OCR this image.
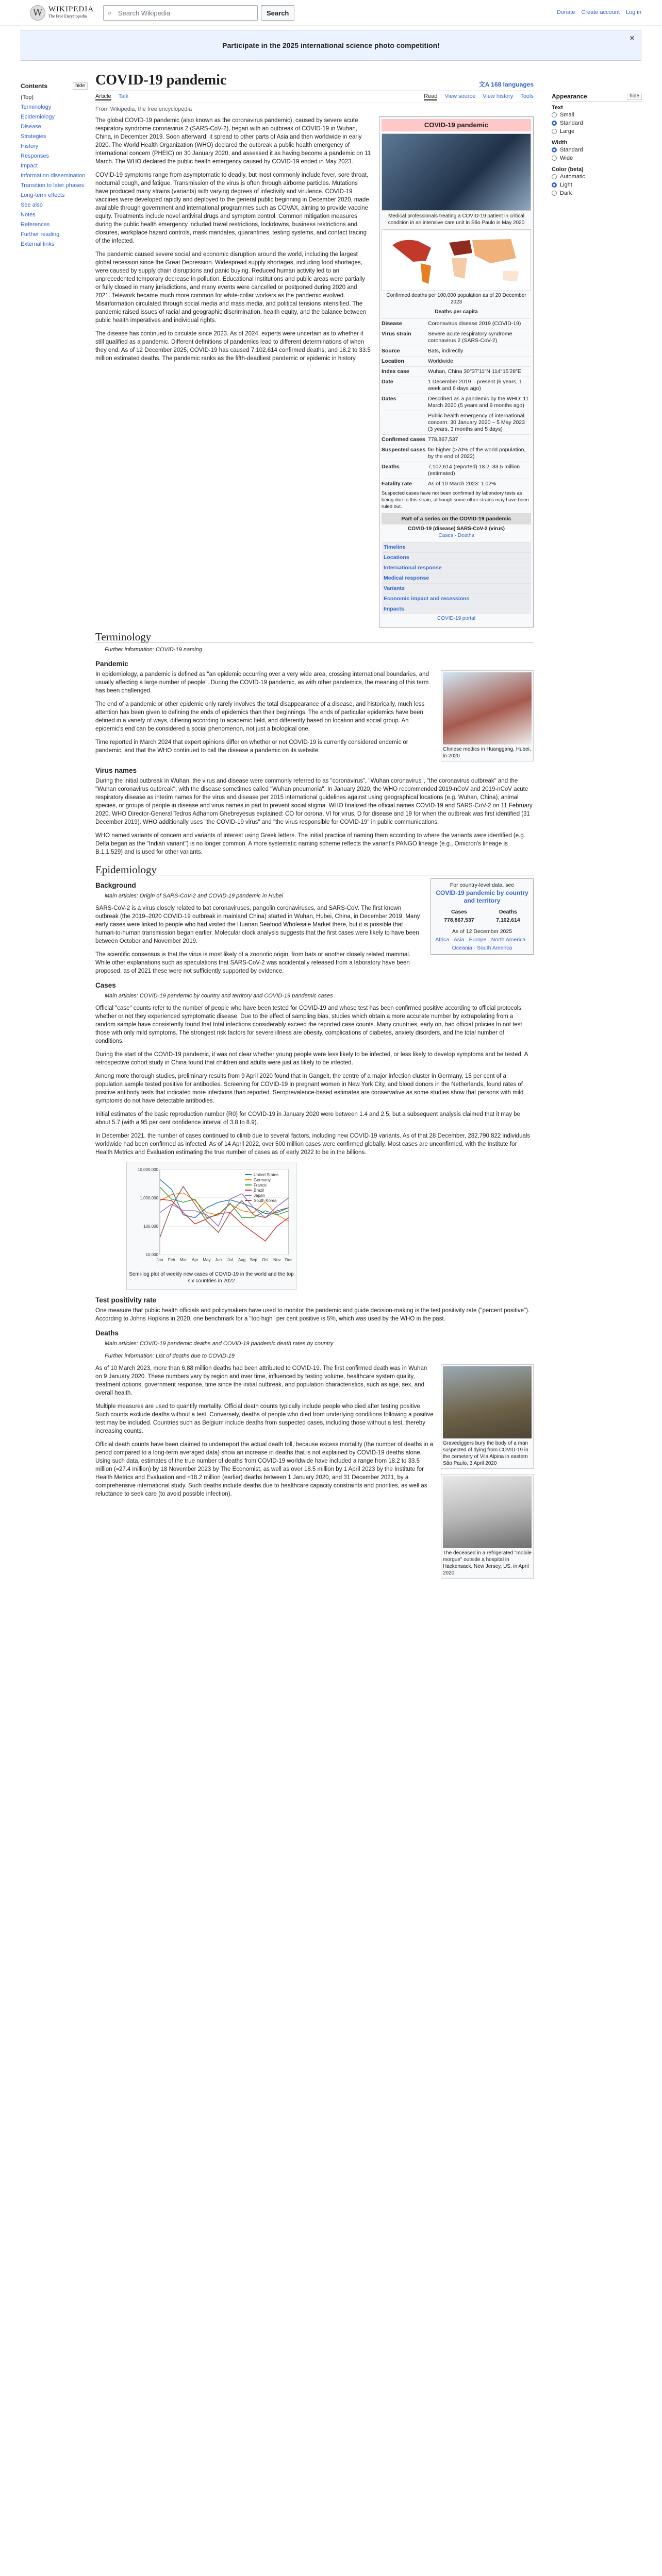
W WIKIPEDIA
The Free Encyclopedia	⌕ Search Wikipedia	Search	Donate Create account Log in
Participate in the 2025 international science photo competition!
✕
Contents	hide
(Top)
Terminology
Epidemiology
Disease
Strategies
History
Responses
Impact
Information dissemination
Transition to later phases
Long-term effects
See also
Notes
References
Further reading
External links
COVID-19 pandemic	文A 168 languages
Article Talk	Read View source View history Tools
From Wikipedia, the free encyclopedia
COVID-19 pandemic
Medical professionals treating a COVID-19 patient in critical condition in an intensive care unit in São Paulo in May 2020
Confirmed deaths per 100,000 population as of 20 December 2023
Deaths per capita
Disease	Coronavirus disease 2019 (COVID-19)
Virus strain	Severe acute respiratory syndrome coronavirus 2 (SARS-CoV-2)
Source	Bats, indirectly
Location	Worldwide
Index case	Wuhan, China 30°37′11″N 114°15′28″E
Date	1 December 2019 – present (6 years, 1 week and 6 days ago)
Dates	Described as a pandemic by the WHO: 11 March 2020 (5 years and 9 months ago)
Public health emergency of international concern: 30 January 2020 – 5 May 2023 (3 years, 3 months and 5 days)
Confirmed cases 778,867,537
Suspected cases far higher (>70% of the world population, by the end of 2022)
Deaths	7,102,614 (reported) 18.2–33.5 million (estimated)
Fatality rate	As of 10 March 2023: 1.02%
Suspected cases have not been confirmed by laboratory tests as being due to this strain, although some other strains may have been ruled out.
Part of a series on the COVID-19 pandemic
COVID-19 (disease) SARS-CoV-2 (virus)
Cases · Deaths
Timeline
Locations
International response
Medical response
Variants
Economic impact and recessions
Impacts
COVID-19 portal

The global COVID-19 pandemic (also known as the coronavirus pandemic), caused by severe acute respiratory syndrome coronavirus 2 (SARS-CoV-2), began with an outbreak of COVID-19 in Wuhan, China, in December 2019. Soon afterward, it spread to other parts of Asia and then worldwide in early 2020. The World Health Organization (WHO) declared the outbreak a public health emergency of international concern (PHEIC) on 30 January 2020, and assessed it as having become a pandemic on 11 March. The WHO declared the public health emergency caused by COVID-19 ended in May 2023.

COVID-19 symptoms range from asymptomatic to deadly, but most commonly include fever, sore throat, nocturnal cough, and fatigue. Transmission of the virus is often through airborne particles. Mutations have produced many strains (variants) with varying degrees of infectivity and virulence. COVID-19 vaccines were developed rapidly and deployed to the general public beginning in December 2020, made available through government and international programmes such as COVAX, aiming to provide vaccine equity. Treatments include novel antiviral drugs and symptom control. Common mitigation measures during the public health emergency included travel restrictions, lockdowns, business restrictions and closures, workplace hazard controls, mask mandates, quarantines, testing systems, and contact tracing of the infected.

The pandemic caused severe social and economic disruption around the world, including the largest global recession since the Great Depression. Widespread supply shortages, including food shortages, were caused by supply chain disruptions and panic buying. Reduced human activity led to an unprecedented temporary decrease in pollution. Educational institutions and public areas were partially or fully closed in many jurisdictions, and many events were cancelled or postponed during 2020 and 2021. Telework became much more common for white-collar workers as the pandemic evolved. Misinformation circulated through social media and mass media, and political tensions intensified. The pandemic raised issues of racial and geographic discrimination, health equity, and the balance between public health imperatives and individual rights.

The disease has continued to circulate since 2023. As of 2024, experts were uncertain as to whether it still qualified as a pandemic. Different definitions of pandemics lead to different determinations of when they end. As of 12 December 2025, COVID-19 has caused 7,102,614 confirmed deaths, and 18.2 to 33.5 million estimated deaths. The pandemic ranks as the fifth-deadliest pandemic or epidemic in history.

Terminology
Further information: COVID-19 naming
Pandemic
Chinese medics in Huanggang, Hubei, in 2020

In epidemiology, a pandemic is defined as "an epidemic occurring over a very wide area, crossing international boundaries, and usually affecting a large number of people". During the COVID-19 pandemic, as with other pandemics, the meaning of this term has been challenged.

The end of a pandemic or other epidemic only rarely involves the total disappearance of a disease, and historically, much less attention has been given to defining the ends of epidemics than their beginnings. The ends of particular epidemics have been defined in a variety of ways, differing according to academic field, and differently based on location and social group. An epidemic's end can be considered a social phenomenon, not just a biological one.

Time reported in March 2024 that expert opinions differ on whether or not COVID-19 is currently considered endemic or pandemic, and that the WHO continued to call the disease a pandemic on its website.

Virus names

During the initial outbreak in Wuhan, the virus and disease were commonly referred to as "coronavirus", "Wuhan coronavirus", "the coronavirus outbreak" and the "Wuhan coronavirus outbreak", with the disease sometimes called "Wuhan pneumonia". In January 2020, the WHO recommended 2019-nCoV and 2019-nCoV acute respiratory disease as interim names for the virus and disease per 2015 international guidelines against using geographical locations (e.g. Wuhan, China), animal species, or groups of people in disease and virus names in part to prevent social stigma. WHO finalized the official names COVID-19 and SARS-CoV-2 on 11 February 2020. WHO Director-General Tedros Adhanom Ghebreyesus explained: CO for corona, VI for virus, D for disease and 19 for when the outbreak was first identified (31 December 2019). WHO additionally uses "the COVID-19 virus" and "the virus responsible for COVID-19" in public communications.

WHO named variants of concern and variants of interest using Greek letters. The initial practice of naming them according to where the variants were identified (e.g. Delta began as the "Indian variant") is no longer common. A more systematic naming scheme reflects the variant's PANGO lineage (e.g., Omicron's lineage is B.1.1.529) and is used for other variants.

Epidemiology
For country-level data, see
COVID-19 pandemic by country and territory
Cases
778,867,537
Deaths
7,102,614
As of 12 December 2025
Africa · Asia · Europe · North America · Oceania · South America
Background
Main articles: Origin of SARS-CoV-2 and COVID-19 pandemic in Hubei

SARS-CoV-2 is a virus closely related to bat coronaviruses, pangolin coronaviruses, and SARS-CoV. The first known outbreak (the 2019–2020 COVID-19 outbreak in mainland China) started in Wuhan, Hubei, China, in December 2019. Many early cases were linked to people who had visited the Huanan Seafood Wholesale Market there, but it is possible that human-to-human transmission began earlier. Molecular clock analysis suggests that the first cases were likely to have been between October and November 2019.

The scientific consensus is that the virus is most likely of a zoonotic origin, from bats or another closely related mammal. While other explanations such as speculations that SARS-CoV-2 was accidentally released from a laboratory have been proposed, as of 2021 these were not sufficiently supported by evidence.

Cases
Main articles: COVID-19 pandemic by country and territory and COVID-19 pandemic cases

Official "case" counts refer to the number of people who have been tested for COVID-19 and whose test has been confirmed positive according to official protocols whether or not they experienced symptomatic disease. Due to the effect of sampling bias, studies which obtain a more accurate number by extrapolating from a random sample have consistently found that total infections considerably exceed the reported case counts. Many countries, early on, had official policies to not test those with only mild symptoms. The strongest risk factors for severe illness are obesity, complications of diabetes, anxiety disorders, and the total number of conditions.

During the start of the COVID-19 pandemic, it was not clear whether young people were less likely to be infected, or less likely to develop symptoms and be tested. A retrospective cohort study in China found that children and adults were just as likely to be infected.

Among more thorough studies, preliminary results from 9 April 2020 found that in Gangelt, the centre of a major infection cluster in Germany, 15 per cent of a population sample tested positive for antibodies. Screening for COVID-19 in pregnant women in New York City, and blood donors in the Netherlands, found rates of positive antibody tests that indicated more infections than reported. Seroprevalence-based estimates are conservative as some studies show that persons with mild symptoms do not have detectable antibodies.

Initial estimates of the basic reproduction number (R0) for COVID-19 in January 2020 were between 1.4 and 2.5, but a subsequent analysis claimed that it may be about 5.7 (with a 95 per cent confidence interval of 3.8 to 8.9).

In December 2021, the number of cases continued to climb due to several factors, including new COVID-19 variants. As of that 28 December, 282,790,822 individuals worldwide had been confirmed as infected. As of 14 April 2022, over 500 million cases were confirmed globally. Most cases are unconfirmed, with the Institute for Health Metrics and Evaluation estimating the true number of cases as of early 2022 to be in the billions.

10,000
100,000
1,000,000
10,000,000
Jan Feb Mar Apr May Jun Jul Aug Sep Oct Nov Dec
United States
Germany
France
Brazil
Japan
South Korea
Semi-log plot of weekly new cases of COVID-19 in the world and the top six countries in 2022
Test positivity rate

One measure that public health officials and policymakers have used to monitor the pandemic and guide decision-making is the test positivity rate ("percent positive"). According to Johns Hopkins in 2020, one benchmark for a "too high" per cent positive is 5%, which was used by the WHO in the past.

Deaths
Main articles: COVID-19 pandemic deaths and COVID-19 pandemic death rates by country
Further information: List of deaths due to COVID-19
Gravediggers bury the body of a man suspected of dying from COVID-19 in the cemetery of Vila Alpina in eastern São Paulo, 3 April 2020

As of 10 March 2023, more than 6.88 million deaths had been attributed to COVID-19. The first confirmed death was in Wuhan on 9 January 2020. These numbers vary by region and over time, influenced by testing volume, healthcare system quality, treatment options, government response, time since the initial outbreak, and population characteristics, such as age, sex, and overall health.

Multiple measures are used to quantify mortality. Official death counts typically include people who died after testing positive. Such counts exclude deaths without a test. Conversely, deaths of people who died from underlying conditions following a positive test may be included. Countries such as Belgium include deaths from suspected cases, including those without a test, thereby increasing counts.

The deceased in a refrigerated "mobile morgue" outside a hospital in Hackensack, New Jersey, US, in April 2020

Official death counts have been claimed to underreport the actual death toll, because excess mortality (the number of deaths in a period compared to a long-term averaged data) show an increase in deaths that is not explained by COVID-19 deaths alone. Using such data, estimates of the true number of deaths from COVID-19 worldwide have included a range from 18.2 to 33.5 million (≈27.4 million) by 18 November 2023 by The Economist, as well as over 18.5 million by 1 April 2023 by the Institute for Health Metrics and Evaluation and ≈18.2 million (earlier) deaths between 1 January 2020, and 31 December 2021, by a comprehensive international study. Such deaths include deaths due to healthcare capacity constraints and priorities, as well as reluctance to seek care (to avoid possible infection).

Appearance	hide
Text
Small
Standard
Large
Width
Standard
Wide
Color (beta)
Automatic
Light
Dark
